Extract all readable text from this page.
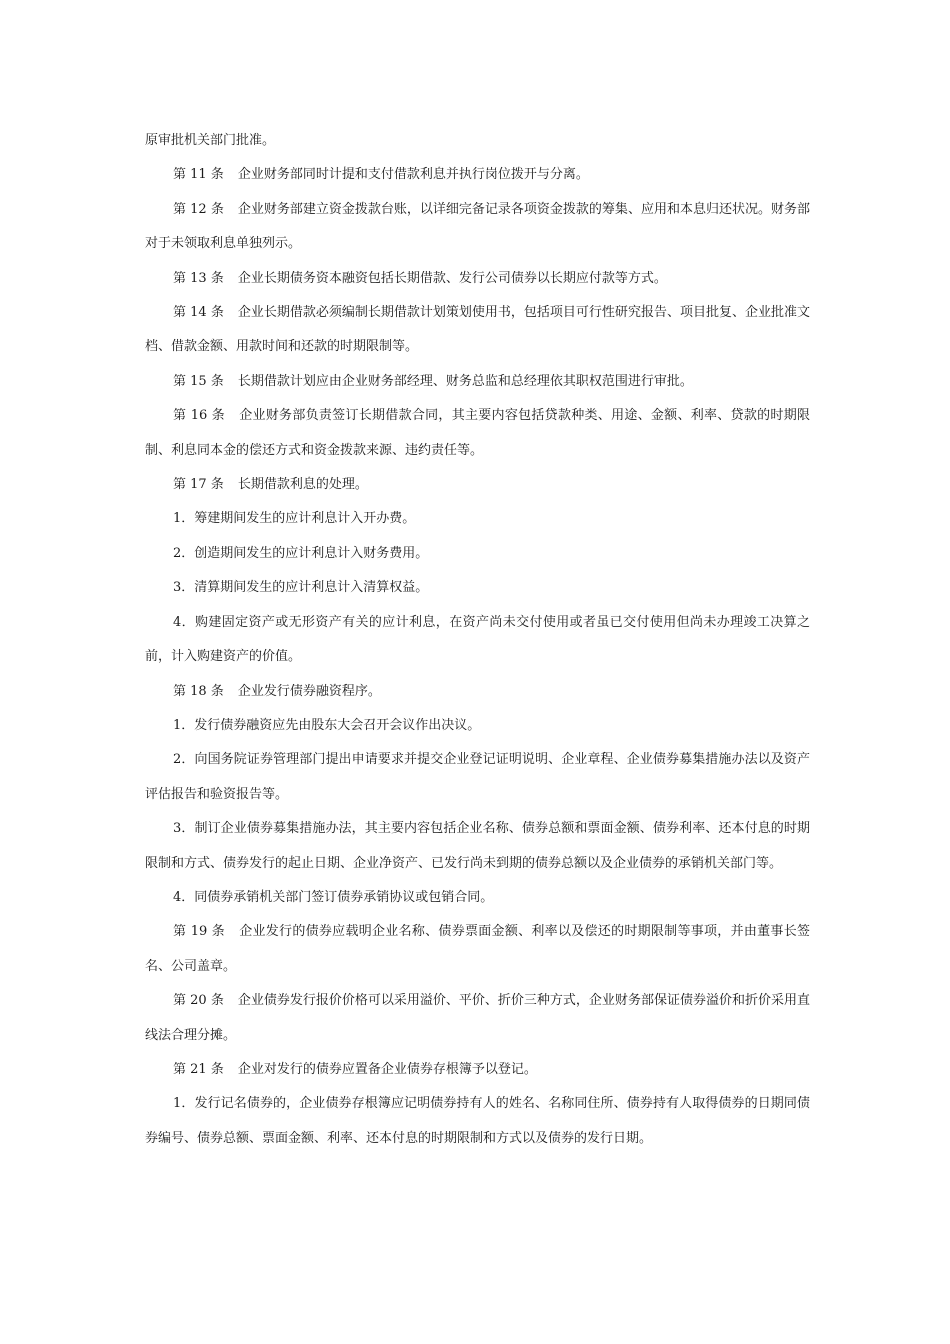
原审批机关部门批准。

第 11 条 企业财务部同时计提和支付借款利息并执行岗位拨开与分离。

第 12 条 企业财务部建立资金拨款台账，以详细完备记录各项资金拨款的筹集、应用和本息归还状况。财务部对于未领取利息单独列示。

第 13 条 企业长期债务资本融资包括长期借款、发行公司债券以长期应付款等方式。

第 14 条 企业长期借款必须编制长期借款计划策划使用书，包括项目可行性研究报告、项目批复、企业批准文档、借款金额、用款时间和还款的时期限制等。

第 15 条 长期借款计划应由企业财务部经理、财务总监和总经理依其职权范围进行审批。

第 16 条 企业财务部负责签订长期借款合同，其主要内容包括贷款种类、用途、金额、利率、贷款的时期限制、利息同本金的偿还方式和资金拨款来源、违约责任等。

第 17 条 长期借款利息的处理。

1．筹建期间发生的应计利息计入开办费。

2．创造期间发生的应计利息计入财务费用。

3．清算期间发生的应计利息计入清算权益。

4．购建固定资产或无形资产有关的应计利息，在资产尚未交付使用或者虽已交付使用但尚未办理竣工决算之前，计入购建资产的价值。

第 18 条 企业发行债券融资程序。

1．发行债券融资应先由股东大会召开会议作出决议。

2．向国务院证券管理部门提出申请要求并提交企业登记证明说明、企业章程、企业债券募集措施办法以及资产评估报告和验资报告等。

3．制订企业债券募集措施办法，其主要内容包括企业名称、债券总额和票面金额、债券利率、还本付息的时期限制和方式、债券发行的起止日期、企业净资产、已发行尚未到期的债券总额以及企业债券的承销机关部门等。

4．同债券承销机关部门签订债券承销协议或包销合同。

第 19 条 企业发行的债券应载明企业名称、债券票面金额、利率以及偿还的时期限制等事项，并由董事长签名、公司盖章。

第 20 条 企业债券发行报价价格可以采用溢价、平价、折价三种方式，企业财务部保证债券溢价和折价采用直线法合理分摊。

第 21 条 企业对发行的债券应置备企业债券存根簿予以登记。

1．发行记名债券的，企业债券存根簿应记明债券持有人的姓名、名称同住所、债券持有人取得债券的日期同债券编号、债券总额、票面金额、利率、还本付息的时期限制和方式以及债券的发行日期。
